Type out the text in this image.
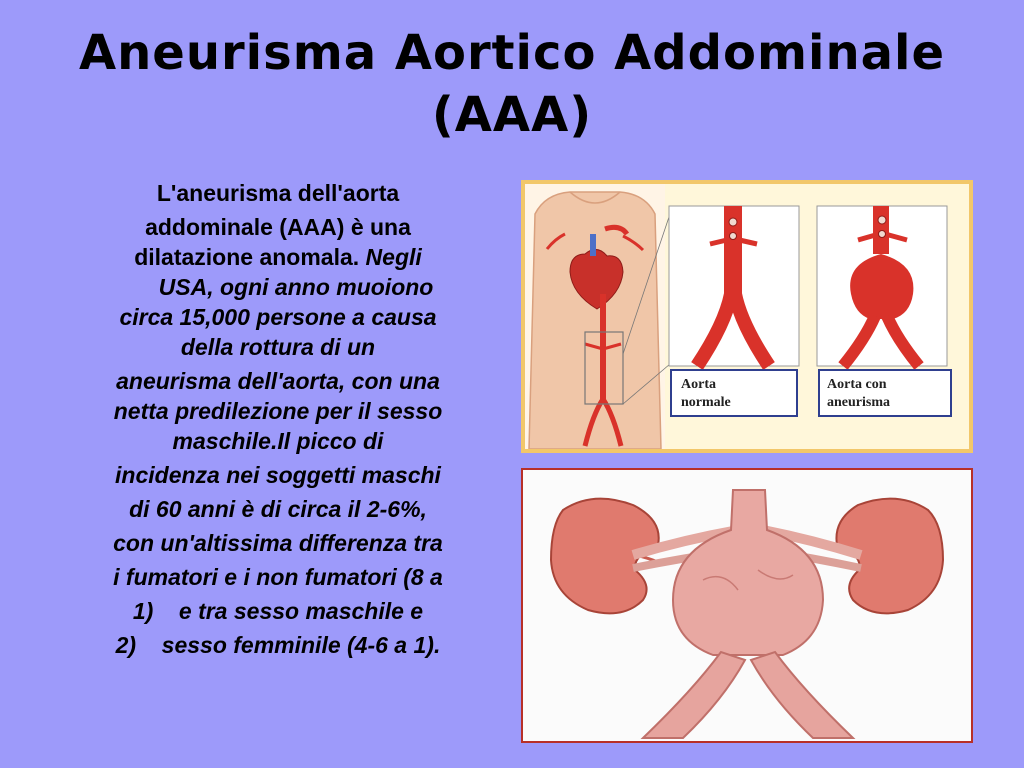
Aneurisma Aortico Addominale
(AAA)
L'aneurisma dell'aorta
addominale (AAA) è una
dilatazione anomala. Negli
USA, ogni anno muoiono
circa 15,000 persone a causa
della rottura di un
aneurisma dell'aorta, con una
netta predilezione per il sesso
maschile.Il picco di
incidenza nei soggetti maschi
di 60 anni è di circa il 2-6%,
con un'altissima differenza tra
i fumatori e i non fumatori (8 a
1) e tra sesso maschile e
2) sesso femminile (4-6 a 1).
Aorta
normale
Aorta con
aneurisma
